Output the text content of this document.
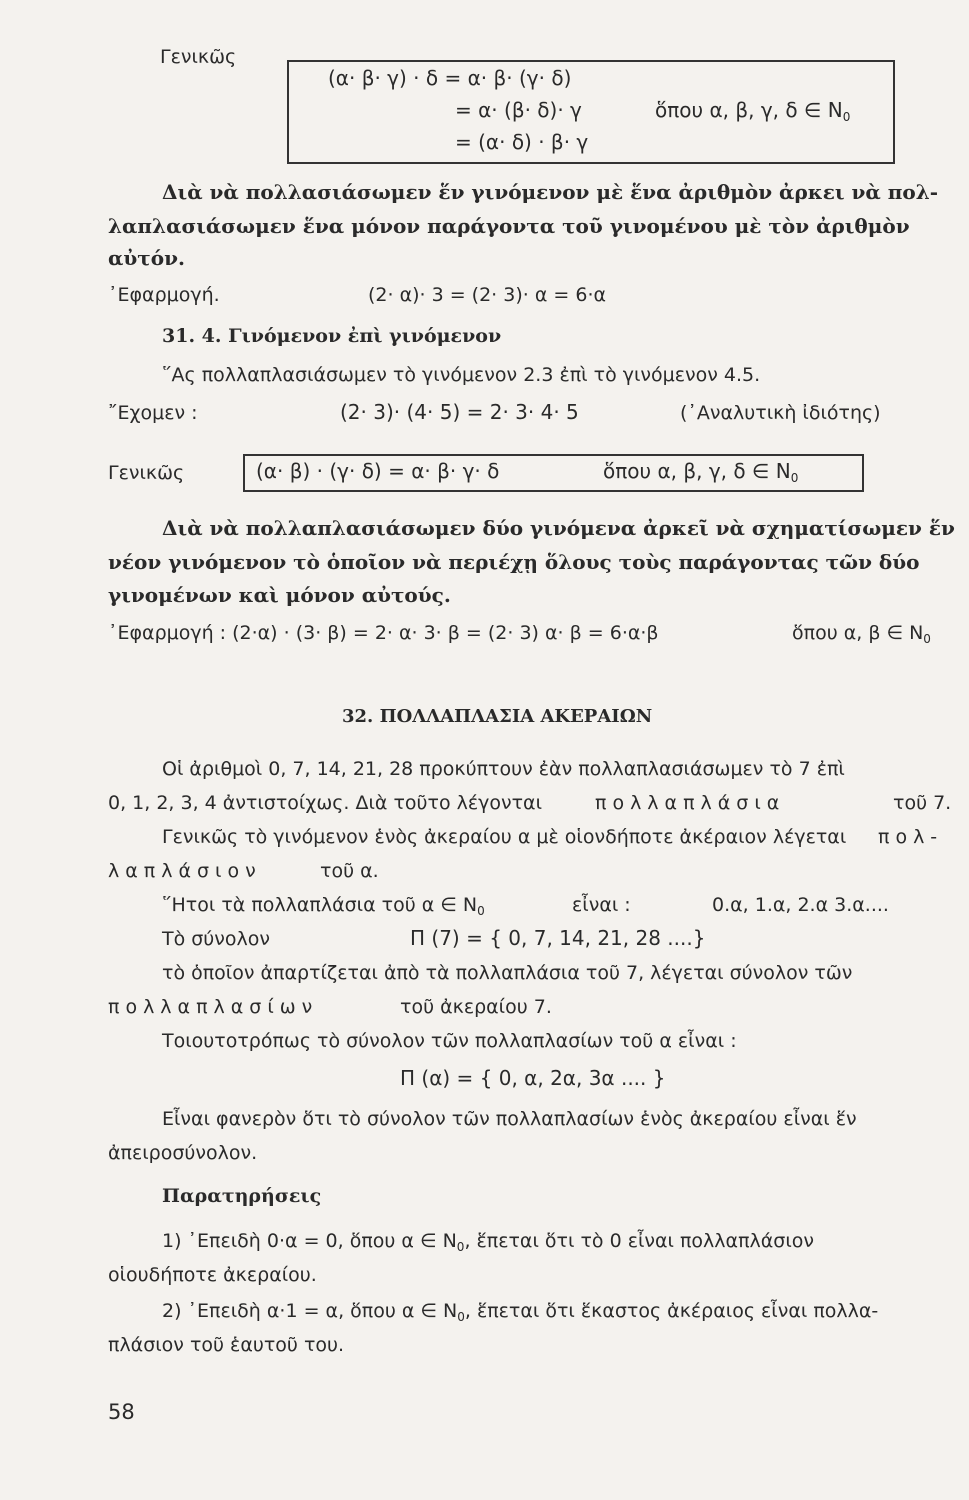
Γενικῶς
(α· β· γ) · δ = α· β· (γ· δ)
= α· (β· δ)· γ	ὅπου α, β, γ, δ ∈ $N_0$
= (α· δ) · β· γ
Διὰ νὰ πολλασιάσωμεν ἕν γινόμενον μὲ ἕνα ἀριθμὸν ἀρκει νὰ πολ-
λαπλασιάσωμεν ἕνα μόνον παράγοντα τοῦ γινομένου μὲ τὸν ἀριθμὸν
αὐτόν.
᾿Εφαρμογή.	(2· α)· 3 = (2· 3)· α = 6·α
31. 4. Γινόμενον ἐπὶ γινόμενον
῞Ας πολλαπλασιάσωμεν τὸ γινόμενον 2.3 ἐπὶ τὸ γινόμενον 4.5.
῎Εχομεν :	(2· 3)· (4· 5) = 2· 3· 4· 5	(᾿Αναλυτικὴ ἰδιότης)
Γενικῶς	(α· β) · (γ· δ) = α· β· γ· δ	ὅπου α, β, γ, δ ∈ $N_0$
Διὰ νὰ πολλαπλασιάσωμεν δύο γινόμενα ἀρκεῖ νὰ σχηματίσωμεν ἕν
νέον γινόμενον τὸ ὁποῖον νὰ περιέχῃ ὅλους τοὺς παράγοντας τῶν δύο
γινομένων καὶ μόνον αὐτούς.
᾿Εφαρμογή : (2·α) · (3· β) = 2· α· 3· β = (2· 3) α· β = 6·α·β	ὅπου α, β ∈ $N_0$
32. ΠΟΛΛΑΠΛΑΣΙΑ ΑΚΕΡΑΙΩΝ
Οἱ ἀριθμοὶ 0, 7, 14, 21, 28 προκύπτουν ἐὰν πολλαπλασιάσωμεν τὸ 7 ἐπὶ
0, 1, 2, 3, 4 ἀντιστοίχως. Διὰ τοῦτο λέγονται	πολλαπλάσια	τοῦ 7.
Γενικῶς τὸ γινόμενον ἑνὸς ἀκεραίου α μὲ οἱονδήποτε ἀκέραιον λέγεται πολ-
λαπλάσιον	τοῦ α.
῞Ητοι τὰ πολλαπλάσια τοῦ α ∈ $N_0$	εἶναι :	0.α, 1.α, 2.α 3.α....
Τὸ σύνολον	Π (7) = { 0, 7, 14, 21, 28 ....}
τὸ ὁποῖον ἀπαρτίζεται ἀπὸ τὰ πολλαπλάσια τοῦ 7, λέγεται σύνολον τῶν
πολλαπλασίων	τοῦ ἀκεραίου 7.
Τοιουτοτρόπως τὸ σύνολον τῶν πολλαπλασίων τοῦ α εἶναι :
Π (α) = { 0, α, 2α, 3α .... }
Εἶναι φανερὸν ὅτι τὸ σύνολον τῶν πολλαπλασίων ἑνὸς ἀκεραίου εἶναι ἕν
ἀπειροσύνολον.
Παρατηρήσεις
1) ᾿Επειδὴ 0·α = 0, ὅπου α ∈ $N_0$, ἕπεται ὅτι τὸ 0 εἶναι πολλαπλάσιον
οἱουδήποτε ἀκεραίου.
2) ᾿Επειδὴ α·1 = α, ὅπου α ∈ $N_0$, ἕπεται ὅτι ἕκαστος ἀκέραιος εἶναι πολλα-
πλάσιον τοῦ ἑαυτοῦ του.
58
